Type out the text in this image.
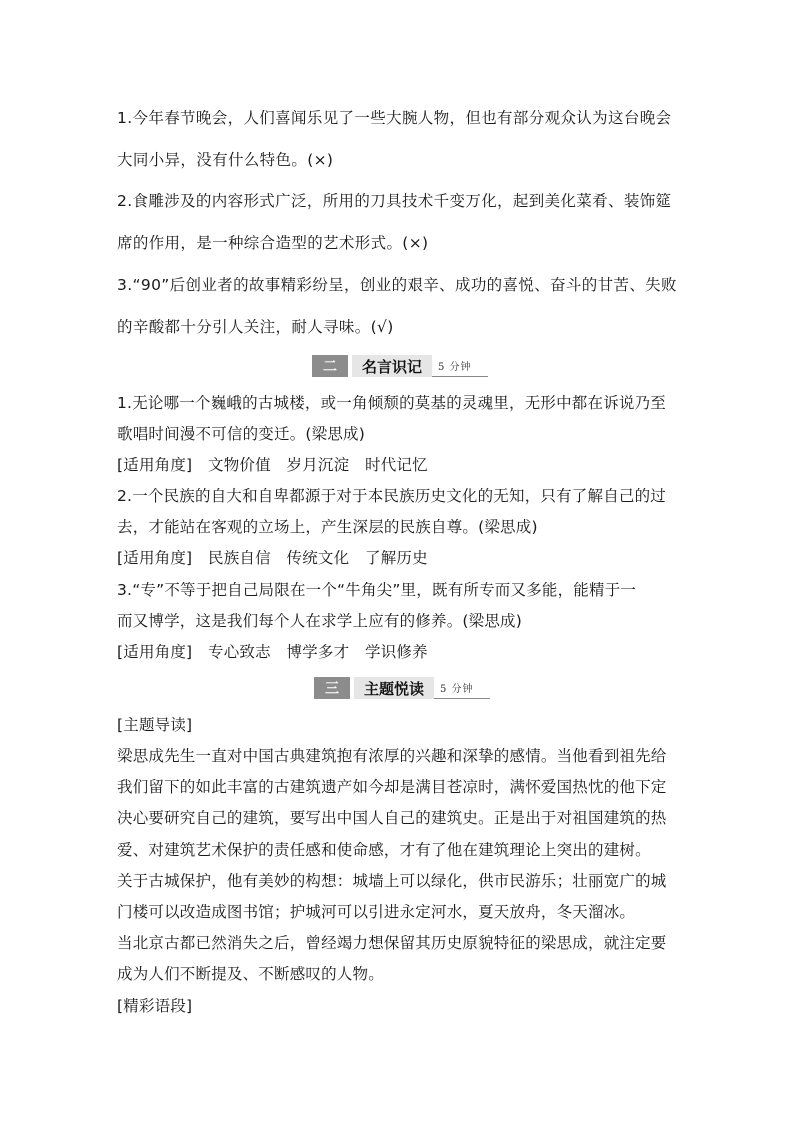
1.今年春节晚会，人们喜闻乐见了一些大腕人物，但也有部分观众认为这台晚会
大同小异，没有什么特色。(×)
2.食雕涉及的内容形式广泛，所用的刀具技术千变万化，起到美化菜肴、装饰筵
席的作用，是一种综合造型的艺术形式。(×)
3.“90”后创业者的故事精彩纷呈，创业的艰辛、成功的喜悦、奋斗的甘苦、失败
的辛酸都十分引人关注，耐人寻味。(√)
二	名言识记	5 分钟
1.无论哪一个巍峨的古城楼，或一角倾颓的莫基的灵魂里，无形中都在诉说乃至
歌唱时间漫不可信的变迁。(梁思成)
[适用角度]　文物价值　岁月沉淀　时代记忆
2.一个民族的自大和自卑都源于对于本民族历史文化的无知，只有了解自己的过
去，才能站在客观的立场上，产生深层的民族自尊。(梁思成)
[适用角度]　民族自信　传统文化　了解历史
3.“专”不等于把自己局限在一个“牛角尖”里，既有所专而又多能，能精于一
而又博学，这是我们每个人在求学上应有的修养。(梁思成)
[适用角度]　专心致志　博学多才　学识修养
三	主题悦读	5 分钟
[主题导读]
梁思成先生一直对中国古典建筑抱有浓厚的兴趣和深挚的感情。当他看到祖先给
我们留下的如此丰富的古建筑遗产如今却是满目苍凉时，满怀爱国热忱的他下定
决心要研究自己的建筑，要写出中国人自己的建筑史。正是出于对祖国建筑的热
爱、对建筑艺术保护的责任感和使命感，才有了他在建筑理论上突出的建树。
关于古城保护，他有美妙的构想：城墙上可以绿化，供市民游乐；壮丽宽广的城
门楼可以改造成图书馆；护城河可以引进永定河水，夏天放舟，冬天溜冰。
当北京古都已然消失之后，曾经竭力想保留其历史原貌特征的梁思成，就注定要
成为人们不断提及、不断感叹的人物。
[精彩语段]
